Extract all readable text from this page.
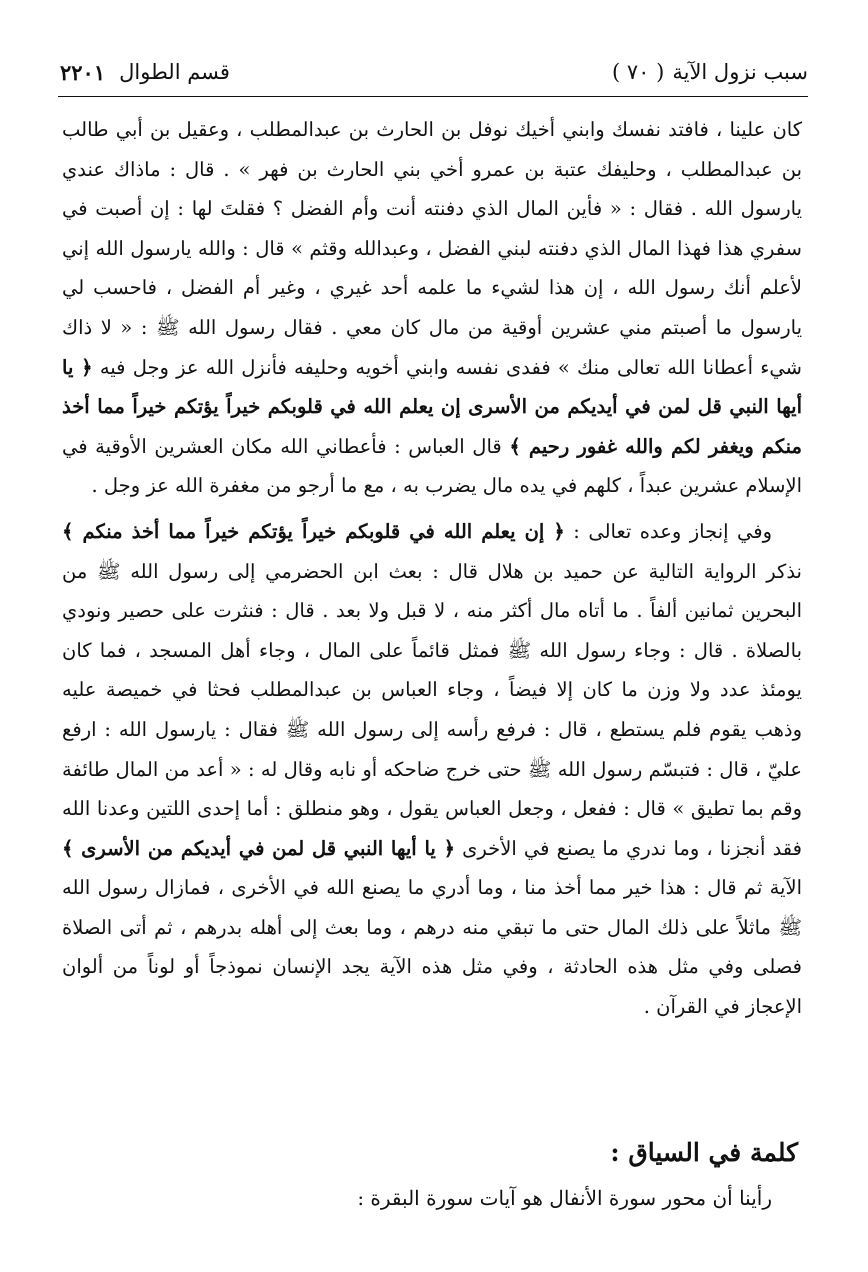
سبب نزول الآية
( ٧٠ )
قسم الطوال
٢٢٠١

كان علينا ، فافتد نفسك وابني أخيك نوفل بن الحارث بن عبدالمطلب ، وعقيل بن أبي طالب بن عبدالمطلب ، وحليفك عتبة بن عمرو أخي بني الحارث بن فهر » . قال : ماذاك عندي يارسول الله . فقال : « فأين المال الذي دفنته أنت وأم الفضل ؟ فقلتَ لها : إن أصبت في سفري هذا فهذا المال الذي دفنته لبني الفضل ، وعبدالله وقثم » قال : والله يارسول الله إني لأعلم أنك رسول الله ، إن هذا لشيء ما علمه أحد غيري ، وغير أم الفضل ، فاحسب لي يارسول ما أصبتم مني عشرين أوقية من مال كان معي . فقال رسول الله ﷺ : « لا ذاك شيء أعطانا الله تعالى منك » ففدى نفسه وابني أخويه وحليفه فأنزل الله عز وجل فيه ﴿ يا أيها النبي قل لمن في أيديكم من الأسرى إن يعلم الله في قلوبكم خيراً يؤتكم خيراً مما أخذ منكم ويغفر لكم والله غفور رحيم ﴾ قال العباس : فأعطاني الله مكان العشرين الأوقية في الإسلام عشرين عبداً ، كلهم في يده مال يضرب به ، مع ما أرجو من مغفرة الله عز وجل .

وفي إنجاز وعده تعالى : ﴿ إن يعلم الله في قلوبكم خيراً يؤتكم خيراً مما أخذ منكم ﴾ نذكر الرواية التالية عن حميد بن هلال قال : بعث ابن الحضرمي إلى رسول الله ﷺ من البحرين ثمانين ألفاً . ما أتاه مال أكثر منه ، لا قبل ولا بعد . قال : فنثرت على حصير ونودي بالصلاة . قال : وجاء رسول الله ﷺ فمثل قائماً على المال ، وجاء أهل المسجد ، فما كان يومئذ عدد ولا وزن ما كان إلا فيضاً ، وجاء العباس بن عبدالمطلب فحثا في خميصة عليه وذهب يقوم فلم يستطع ، قال : فرفع رأسه إلى رسول الله ﷺ فقال : يارسول الله : ارفع عليّ ، قال : فتبسّم رسول الله ﷺ حتى خرج ضاحكه أو نابه وقال له : « أعد من المال طائفة وقم بما تطيق » قال : ففعل ، وجعل العباس يقول ، وهو منطلق : أما إحدى اللتين وعدنا الله فقد أنجزنا ، وما ندري ما يصنع في الأخرى ﴿ يا أيها النبي قل لمن في أيديكم من الأسرى ﴾ الآية ثم قال : هذا خير مما أخذ منا ، وما أدري ما يصنع الله في الأخرى ، فمازال رسول الله ﷺ ماثلاً على ذلك المال حتى ما تبقي منه درهم ، وما بعث إلى أهله بدرهم ، ثم أتى الصلاة فصلى وفي مثل هذه الحادثة ، وفي مثل هذه الآية يجد الإنسان نموذجاً أو لوناً من ألوان الإعجاز في القرآن .

كلمة في السياق :
رأينا أن محور سورة الأنفال هو آيات سورة البقرة :
